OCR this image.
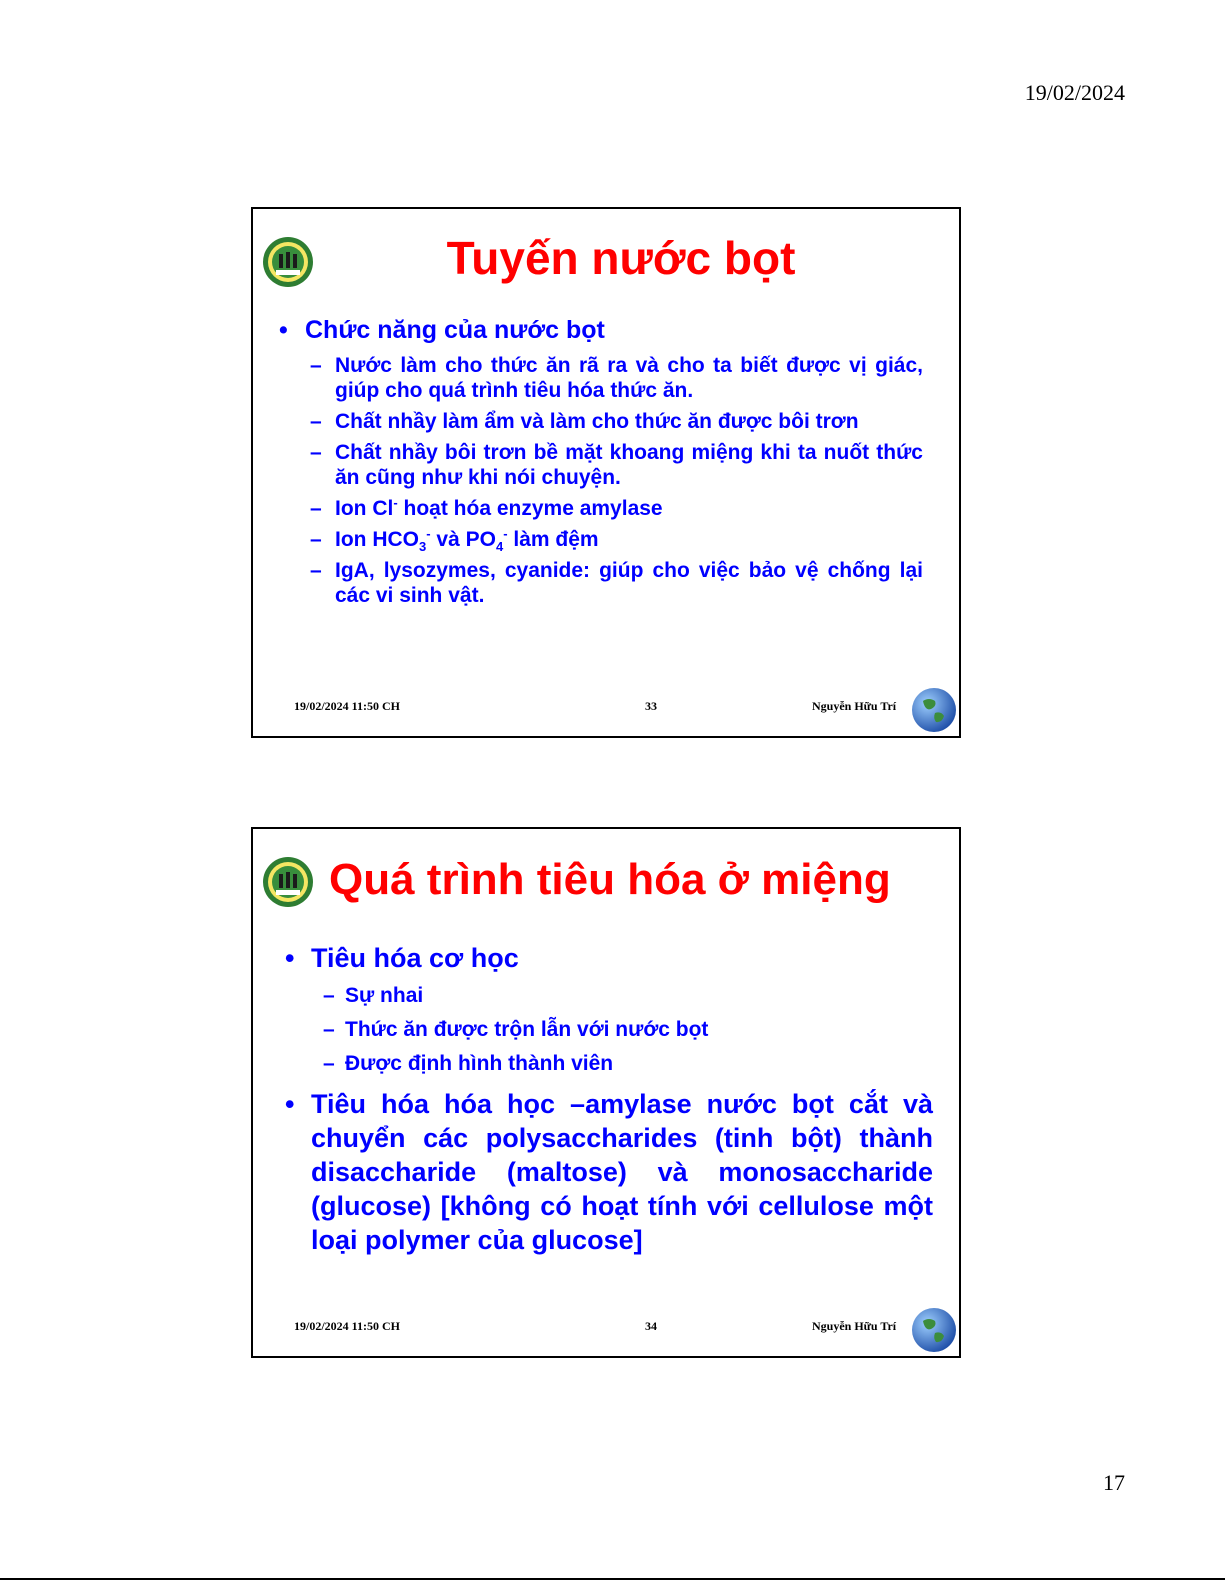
19/02/2024
Tuyến nước bọt
• Chức năng của nước bọt
– Nước làm cho thức ăn rã ra và cho ta biết được vị giác, giúp cho quá trình tiêu hóa thức ăn.
– Chất nhầy làm ẩm và làm cho thức ăn được bôi trơn
– Chất nhầy bôi trơn bề mặt khoang miệng khi ta nuốt thức ăn cũng như khi nói chuyện.
– Ion Cl- hoạt hóa enzyme amylase
– Ion $HCO_3^-$ và $PO_4^-$ làm đệm
– IgA, lysozymes, cyanide: giúp cho việc bảo vệ chống lại các vi sinh vật.
19/02/2024 11:50 CH	33	Nguyễn Hữu Trí
Quá trình tiêu hóa ở miệng
• Tiêu hóa cơ học
– Sự nhai
– Thức ăn được trộn lẫn với nước bọt
– Được định hình thành viên
• Tiêu hóa hóa học –amylase nước bọt cắt và chuyển các polysaccharides (tinh bột) thành disaccharide (maltose) và monosaccharide (glucose) [không có hoạt tính với cellulose một loại polymer của glucose]
19/02/2024 11:50 CH	34	Nguyễn Hữu Trí
17
